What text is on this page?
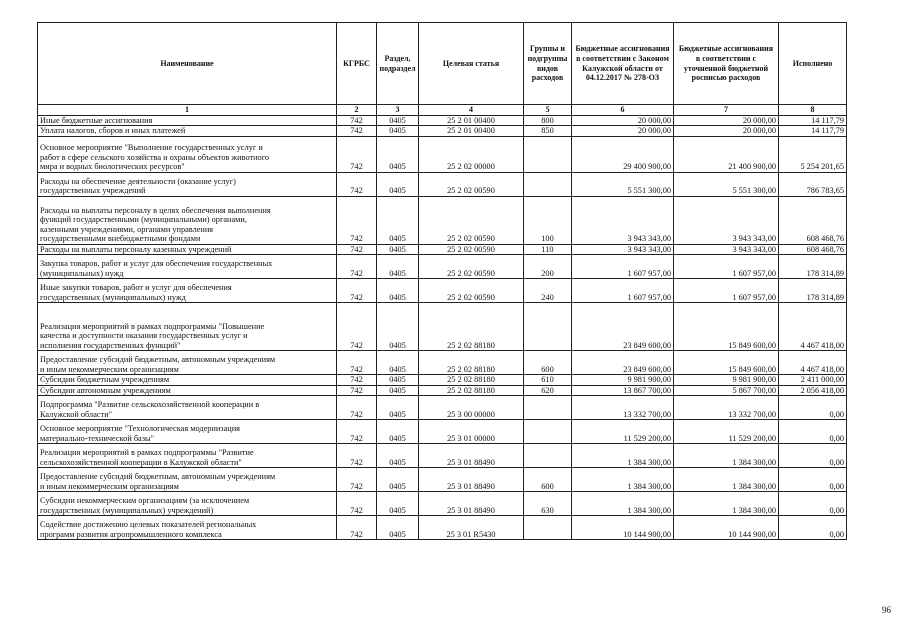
Наименование	КГРБС	Раздел, подраздел	Целевая статья	Группы и подгруппы видов расходов	Бюджетные ассигнования в соответствии с Законом Калужской области от 04.12.2017 № 278-ОЗ	Бюджетные ассигнования в соответствии с уточненной бюджетной росписью расходов	Исполнено
1	2	3	4	5	6	7	8
Иные бюджетные ассигнования	742	0405	25 2 01 00400	800	20 000,00	20 000,00	14 117,79
Уплата налогов, сборов и иных платежей	742	0405	25 2 01 00400	850	20 000,00	20 000,00	14 117,79
Основное мероприятие "Выполнение государственных услуг и
работ в сфере сельского хозяйства и охраны объектов животного
мира и водных биологических ресурсов"	742	0405	25 2 02 00000		29 400 900,00	21 400 900,00	5 254 201,65
Расходы на обеспечение деятельности (оказание услуг)
государственных учреждений	742	0405	25 2 02 00590		5 551 300,00	5 551 300,00	786 783,65
Расходы на выплаты персоналу в целях обеспечения выполнения
функций государственными (муниципальными) органами,
казенными учреждениями, органами управления
государственными внебюджетными фондами	742	0405	25 2 02 00590	100	3 943 343,00	3 943 343,00	608 468,76
Расходы на выплаты персоналу казенных учреждений	742	0405	25 2 02 00590	110	3 943 343,00	3 943 343,00	608 468,76
Закупка товаров, работ и услуг для обеспечения государственных
(муниципальных) нужд	742	0405	25 2 02 00590	200	1 607 957,00	1 607 957,00	178 314,89
Иные закупки товаров, работ и услуг для обеспечения
государственных (муниципальных) нужд	742	0405	25 2 02 00590	240	1 607 957,00	1 607 957,00	178 314,89

Реализация мероприятий в рамках подпрограммы "Повышение
качества и доступности оказания государственных услуг и
исполнения государственных функций"	742	0405	25 2 02 88180		23 849 600,00	15 849 600,00	4 467 418,00
Предоставление субсидий бюджетным, автономным учреждениям
и иным некоммерческим организациям	742	0405	25 2 02 88180	600	23 849 600,00	15 849 600,00	4 467 418,00
Субсидии бюджетным учреждениям	742	0405	25 2 02 88180	610	9 981 900,00	9 981 900,00	2 411 000,00
Субсидии автономным учреждениям	742	0405	25 2 02 88180	620	13 867 700,00	5 867 700,00	2 056 418,00
Подпрограмма "Развитие сельскохозяйственной кооперации в
Калужской области"	742	0405	25 3 00 00000		13 332 700,00	13 332 700,00	0,00
Основное мероприятие "Технологическая модернизация
материально-технической базы"	742	0405	25 3 01 00000		11 529 200,00	11 529 200,00	0,00
Реализация мероприятий в рамках подпрограммы "Развитие
сельскохозяйственной кооперации в Калужской области"	742	0405	25 3 01 88490		1 384 300,00	1 384 300,00	0,00
Предоставление субсидий бюджетным, автономным учреждениям
и иным некоммерческим организациям	742	0405	25 3 01 88490	600	1 384 300,00	1 384 300,00	0,00
Субсидии некоммерческим организациям (за исключением
государственных (муниципальных) учреждений)	742	0405	25 3 01 88490	630	1 384 300,00	1 384 300,00	0,00
Содействие достижению целевых показателей региональных
программ развития агропромышленного комплекса	742	0405	25 3 01 R5430		10 144 900,00	10 144 900,00	0,00
96
